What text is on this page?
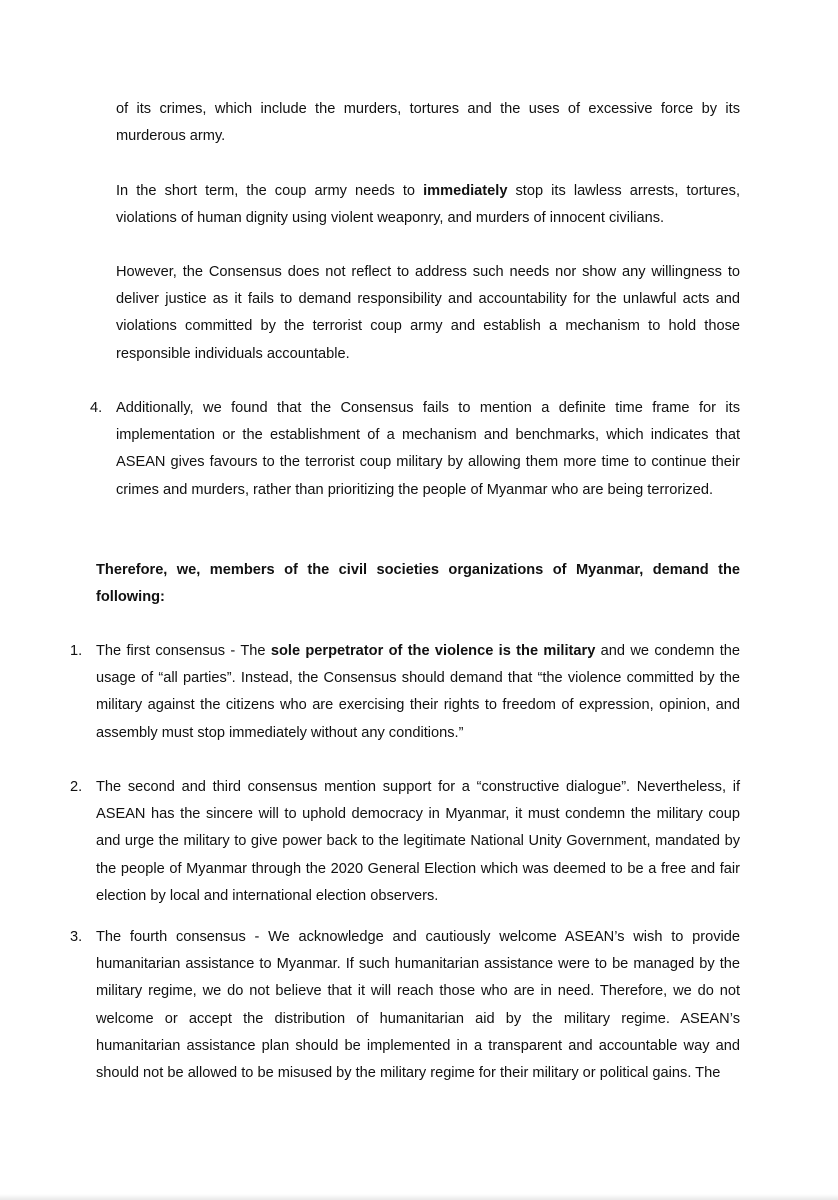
of its crimes, which include the murders, tortures and the uses of excessive force by its murderous army.

In the short term, the coup army needs to immediately stop its lawless arrests, tortures, violations of human dignity using violent weaponry, and murders of innocent civilians.

However, the Consensus does not reflect to address such needs nor show any willingness to deliver justice as it fails to demand responsibility and accountability for the unlawful acts and violations committed by the terrorist coup army and establish a mechanism to hold those responsible individuals accountable.

4. Additionally, we found that the Consensus fails to mention a definite time frame for its implementation or the establishment of a mechanism and benchmarks, which indicates that ASEAN gives favours to the terrorist coup military by allowing them more time to continue their crimes and murders, rather than prioritizing the people of Myanmar who are being terrorized.

Therefore, we, members of the civil societies organizations of Myanmar, demand the following:

1. The first consensus - The sole perpetrator of the violence is the military and we condemn the usage of “all parties”. Instead, the Consensus should demand that “the violence committed by the military against the citizens who are exercising their rights to freedom of expression, opinion, and assembly must stop immediately without any conditions.”

2. The second and third consensus mention support for a “constructive dialogue”. Nevertheless, if ASEAN has the sincere will to uphold democracy in Myanmar, it must condemn the military coup and urge the military to give power back to the legitimate National Unity Government, mandated by the people of Myanmar through the 2020 General Election which was deemed to be a free and fair election by local and international election observers.

3. The fourth consensus - We acknowledge and cautiously welcome ASEAN’s wish to provide humanitarian assistance to Myanmar. If such humanitarian assistance were to be managed by the military regime, we do not believe that it will reach those who are in need. Therefore, we do not welcome or accept the distribution of humanitarian aid by the military regime. ASEAN’s humanitarian assistance plan should be implemented in a transparent and accountable way and should not be allowed to be misused by the military regime for their military or political gains. The
